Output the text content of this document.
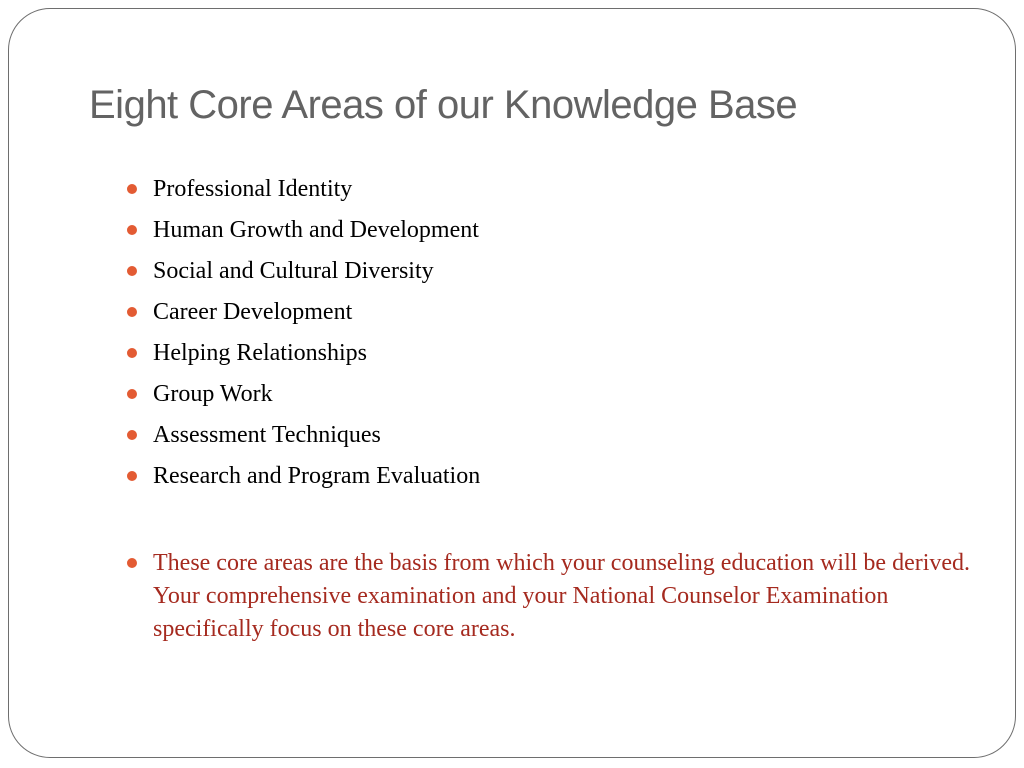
Eight Core Areas of our Knowledge Base
Professional Identity
Human Growth and Development
Social and Cultural Diversity
Career Development
Helping Relationships
Group Work
Assessment Techniques
Research and Program Evaluation

These core areas are the basis from which your counseling education will be derived. Your comprehensive examination and your National Counselor Examination specifically focus on these core areas.
